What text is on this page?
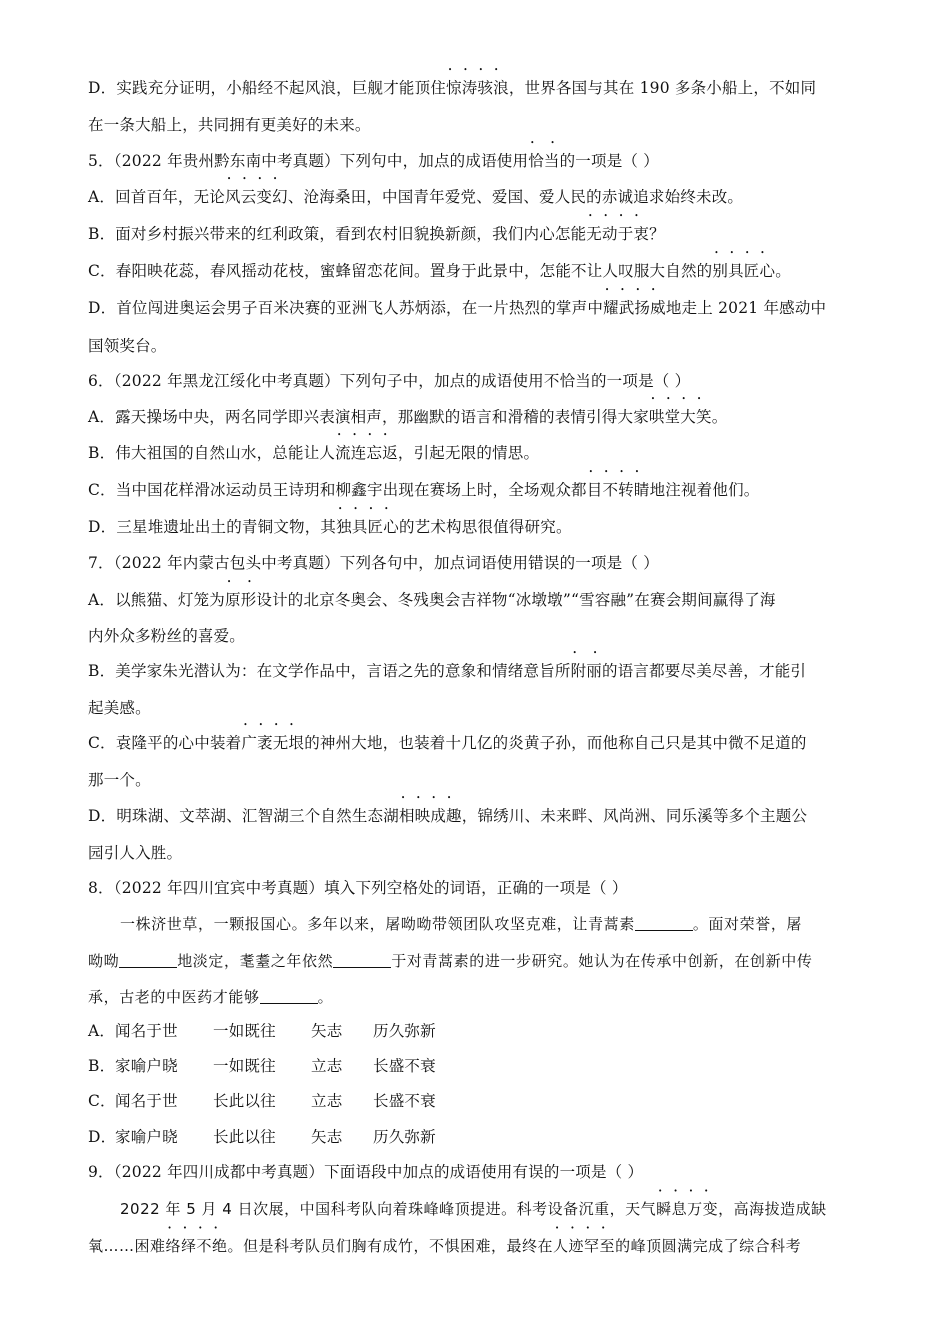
D．实践充分证明，小船经不起风浪，巨舰才能顶住• • • • 惊涛骇浪，世界各国与其在 190 多条小船上，不如同
在一条大船上，共同拥有更美好的未来。
5．（2022 年贵州黔东南中考真题）下列句中，加点的成语使用• • 恰当的一项是（ ）
A．回首百年，无论• • • • 风云变幻、沧海桑田，中国青年爱党、爱国、爱人民的赤诚追求始终未改。
B．面对乡村振兴带来的红利政策，看到农村旧貌换新颜，我们内心怎能• • • • 无动于衷？
C．春阳映花蕊，春风摇动花枝，蜜蜂留恋花间。置身于此景中，怎能不让人叹服大自然的• • • • 别具匠心。
D．首位闯进奥运会男子百米决赛的亚洲飞人苏炳添，在一片热烈的掌声中• • • • 耀武扬威地走上 2021 年感动中
国领奖台。
6．（2022 年黑龙江绥化中考真题）下列句子中，加点的成语使用不恰当的一项是（ ）
A．露天操场中央，两名同学即兴表演相声，那幽默的语言和滑稽的表情引得大家• • • • 哄堂大笑。
B．伟大祖国的自然山水，总能让人• • • • 流连忘返，引起无限的情思。
C．当中国花样滑冰运动员王诗玥和柳鑫宇出现在赛场上时，全场观众都• • • • 目不转睛地注视着他们。
D．三星堆遗址出土的青铜文物，其• • • • 独具匠心的艺术构思很值得研究。
7．（2022 年内蒙古包头中考真题）下列各句中，加点词语使用错误的一项是（ ）
A．以熊猫、灯笼为• • 原形设计的北京冬奥会、冬残奥会吉祥物“冰墩墩”“雪容融”在赛会期间赢得了海
内外众多粉丝的喜爱。
B．美学家朱光潜认为：在文学作品中，言语之先的意象和情绪意旨所• • 附丽的语言都要尽美尽善，才能引
起美感。
C．袁隆平的心中装着• • • • 广袤无垠的神州大地，也装着十几亿的炎黄子孙，而他称自己只是其中微不足道的
那一个。
D．明珠湖、文萃湖、汇智湖三个自然生态湖• • • • 相映成趣，锦绣川、未来畔、风尚洲、同乐溪等多个主题公
园引人入胜。
8．（2022 年四川宜宾中考真题）填入下列空格处的词语，正确的一项是（ ）
一株济世草，一颗报国心。多年以来，屠呦呦带领团队攻坚克难，让青蒿素	。面对荣誉，屠
呦呦	地淡定，耄耋之年依然	于对青蒿素的进一步研究。她认为在传承中创新，在创新中传
承，古老的中医药才能够	。
A． 闻名于世 一如既往 矢志 历久弥新
B． 家喻户晓 一如既往 立志 长盛不衰
C． 闻名于世 长此以往 立志 长盛不衰
D．
家喻户晓 长此以往 矢志 历久弥新
9．（2022 年四川成都中考真题）下面语段中加点的成语使用有误的一项是（ ）
2022 年 5 月 4 日次展，中国科考队向着珠峰峰顶提进。科考设备沉重，天气• • • • 瞬息万变，高海拔造成缺
氧……困难• • • • 络绎不绝。但是科考队员们胸有成竹，不惧困难，最终在• • • • 人迹罕至的峰顶圆满完成了综合科考
